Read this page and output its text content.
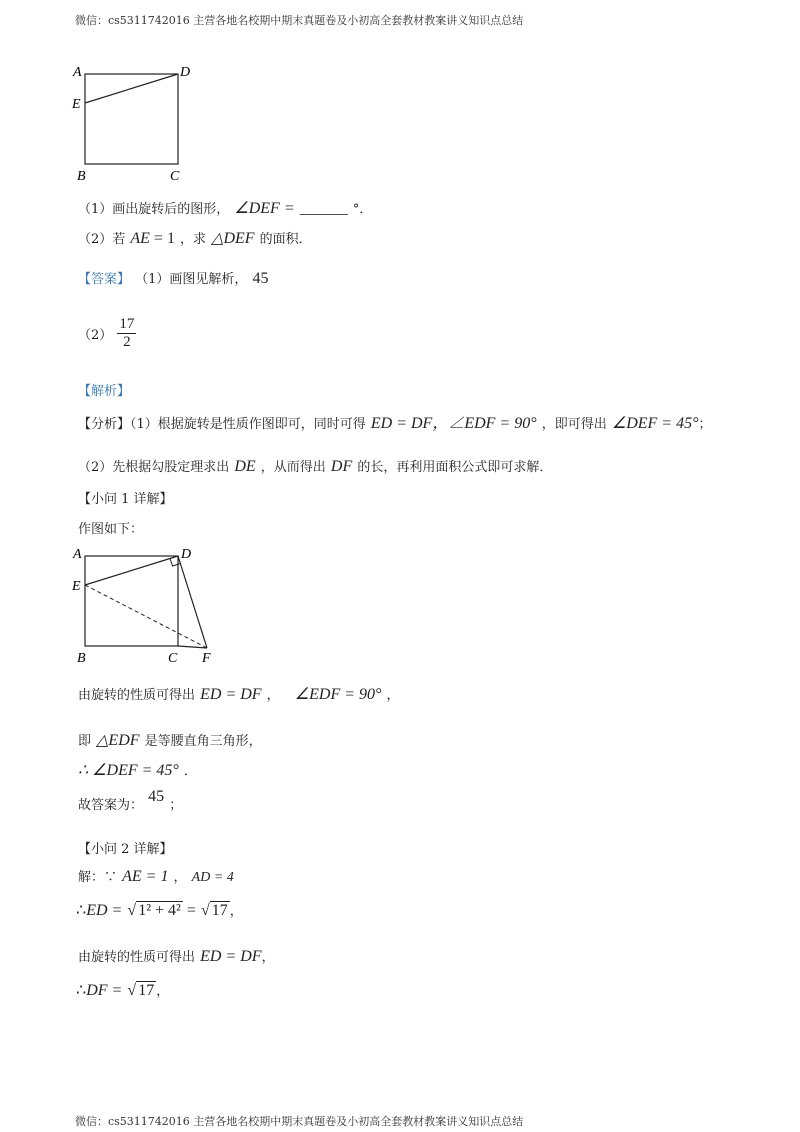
微信：cs5311742016 主营各地名校期中期末真题卷及小初高全套教材教案讲义知识点总结
A	D
E
B	C
（1）画出旋转后的图形， ∠DEF = ______ °．
（2）若 AE = 1 ，求 △DEF 的面积．
【答案】 （1）画图见解析， 45
$(2) \frac{17}{2}$
【解析】
【分析】（1）根据旋转是性质作图即可，同时可得 ED = DF，∠EDF = 90° ，即可得出 ∠DEF = 45°；
（2）先根据勾股定理求出 DE ，从而得出 DF 的长，再利用面积公式即可求解．
【小问 1 详解】
作图如下：
A	D
E
B	C F
由旋转的性质可得出 ED = DF ， ∠EDF = 90° ，
即 △EDF 是等腰直角三角形，
∴ ∠DEF = 45° ．
故答案为： 45 ；
【小问 2 详解】
解：∵ AE = 1 ， AD = 4
∴ED = √ 1² + 4² = √ 17 ，
由旋转的性质可得出 ED = DF，
∴DF = √ 17 ，
微信：cs5311742016 主营各地名校期中期末真题卷及小初高全套教材教案讲义知识点总结
